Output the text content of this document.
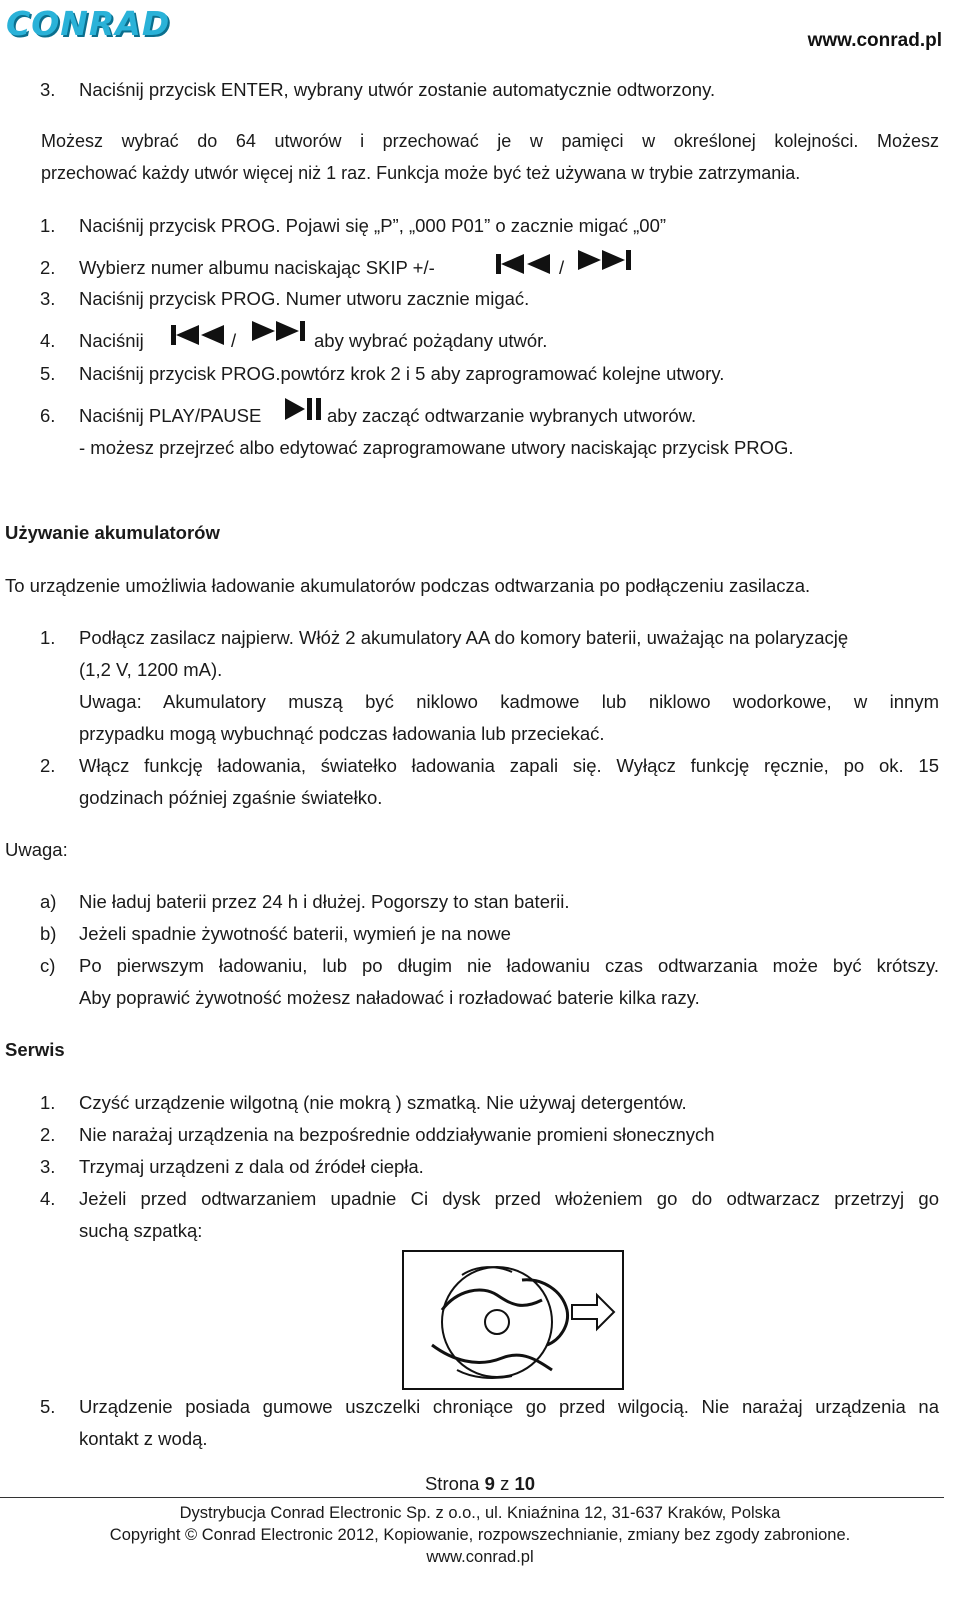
CONRAD	www.conrad.pl
3. Naciśnij przycisk ENTER, wybrany utwór zostanie automatycznie odtworzony.
Możesz wybrać do 64 utworów i przechować je w pamięci w określonej kolejności. Możesz
przechować każdy utwór więcej niż 1 raz. Funkcja może być też używana w trybie zatrzymania.
1. Naciśnij przycisk PROG. Pojawi się „P”, „000 P01” o zacznie migać „00”
2. Wybierz numer albumu naciskając SKIP +/-	/
3. Naciśnij przycisk PROG. Numer utworu zacznie migać.
4. Naciśnij	/	aby wybrać pożądany utwór.
5. Naciśnij przycisk PROG.powtórz krok 2 i 5 aby zaprogramować kolejne utwory.
6. Naciśnij PLAY/PAUSE	aby zacząć odtwarzanie wybranych utworów.
- możesz przejrzeć albo edytować zaprogramowane utwory naciskając przycisk PROG.
Używanie akumulatorów
To urządzenie umożliwia ładowanie akumulatorów podczas odtwarzania po podłączeniu zasilacza.
1. Podłącz zasilacz najpierw. Włóż 2 akumulatory AA do komory baterii, uważając na polaryzację
(1,2 V, 1200 mA).
Uwaga: Akumulatory muszą być niklowo kadmowe lub niklowo wodorkowe, w innym
przypadku mogą wybuchnąć podczas ładowania lub przeciekać.
2. Włącz funkcję ładowania, światełko ładowania zapali się. Wyłącz funkcję ręcznie, po ok. 15
godzinach później zgaśnie światełko.
Uwaga:
a) Nie ładuj baterii przez 24 h i dłużej. Pogorszy to stan baterii.
b) Jeżeli spadnie żywotność baterii, wymień je na nowe
c) Po pierwszym ładowaniu, lub po długim nie ładowaniu czas odtwarzania może być krótszy.
Aby poprawić żywotność możesz naładować i rozładować baterie kilka razy.
Serwis
1. Czyść urządzenie wilgotną (nie mokrą ) szmatką. Nie używaj detergentów.
2. Nie narażaj urządzenia na bezpośrednie oddziaływanie promieni słonecznych
3. Trzymaj urządzeni z dala od źródeł ciepła.
4. Jeżeli przed odtwarzaniem upadnie Ci dysk przed włożeniem go do odtwarzacz przetrzyj go
suchą szpatką:
5. Urządzenie posiada gumowe uszczelki chroniące go przed wilgocią. Nie narażaj urządzenia na
kontakt z wodą.
Strona 9 z 10
Dystrybucja Conrad Electronic Sp. z o.o., ul. Kniaźnina 12, 31-637 Kraków, Polska
Copyright © Conrad Electronic 2012, Kopiowanie, rozpowszechnianie, zmiany bez zgody zabronione.
www.conrad.pl
